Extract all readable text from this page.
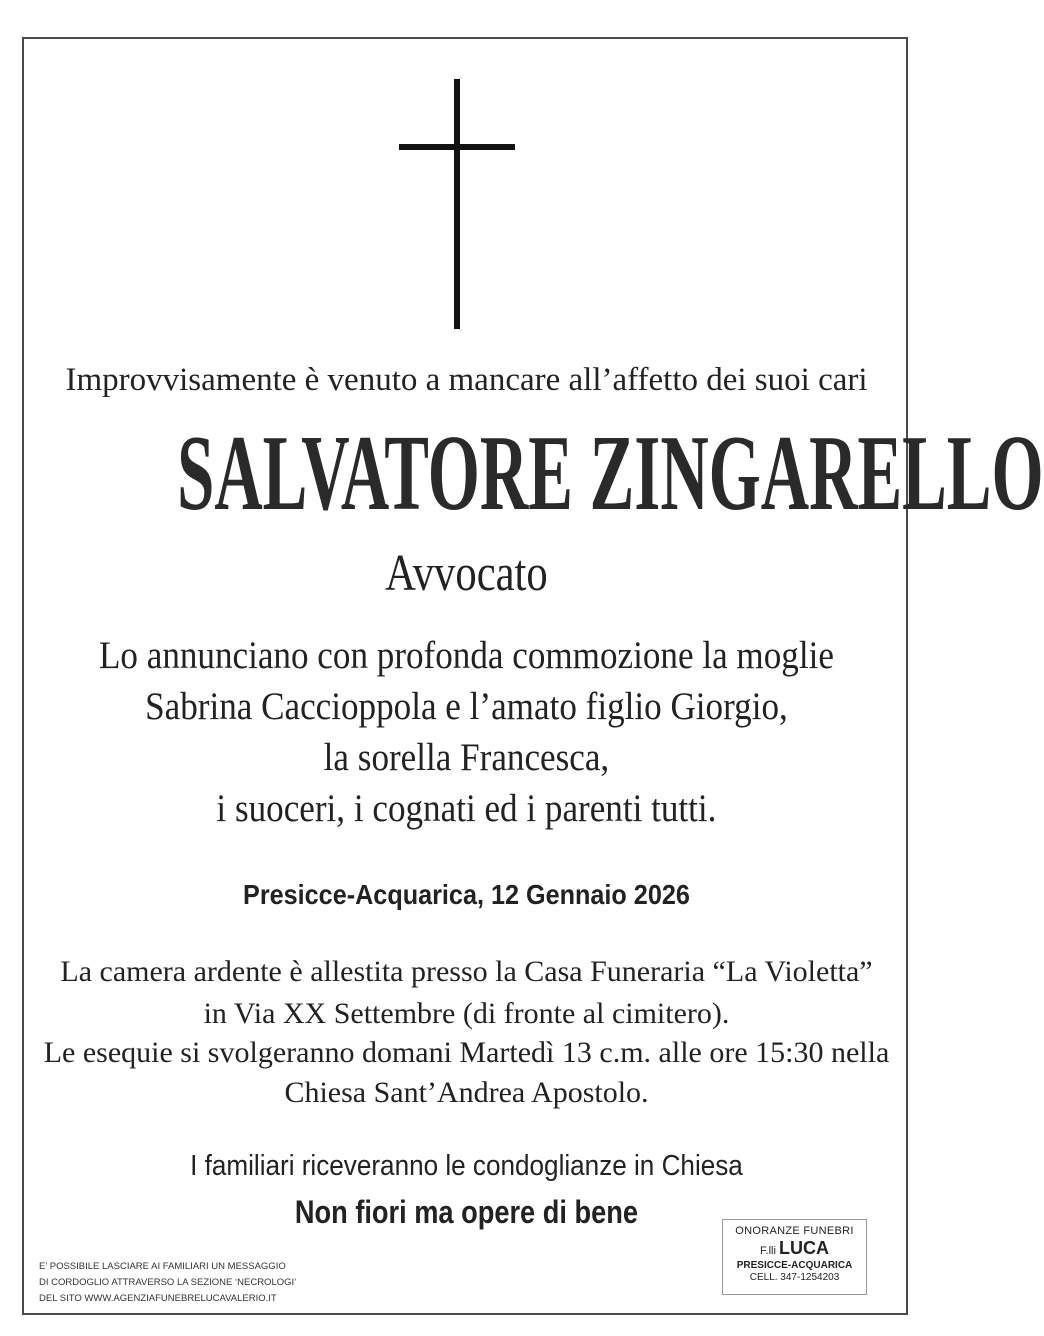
Improvvisamente è venuto a mancare all’affetto dei suoi cari
SALVATORE ZINGARELLO
Avvocato
Lo annunciano con profonda commozione la moglie
Sabrina Caccioppola e l’amato figlio Giorgio,
la sorella Francesca,
i suoceri, i cognati ed i parenti tutti.
Presicce-Acquarica, 12 Gennaio 2026
La camera ardente è allestita presso la Casa Funeraria “La Violetta”
in Via XX Settembre (di fronte al cimitero).
Le esequie si svolgeranno domani Martedì 13 c.m. alle ore 15:30 nella
Chiesa Sant’Andrea Apostolo.
I familiari riceveranno le condoglianze in Chiesa
Non fiori ma opere di bene
E’ POSSIBILE LASCIARE AI FAMILIARI UN MESSAGGIO
DI CORDOGLIO ATTRAVERSO LA SEZIONE ‘NECROLOGI’
DEL SITO WWW.AGENZIAFUNEBRELUCAVALERIO.IT
ONORANZE FUNEBRI
F.lli LUCA
PRESICCE-ACQUARICA
CELL. 347-1254203
